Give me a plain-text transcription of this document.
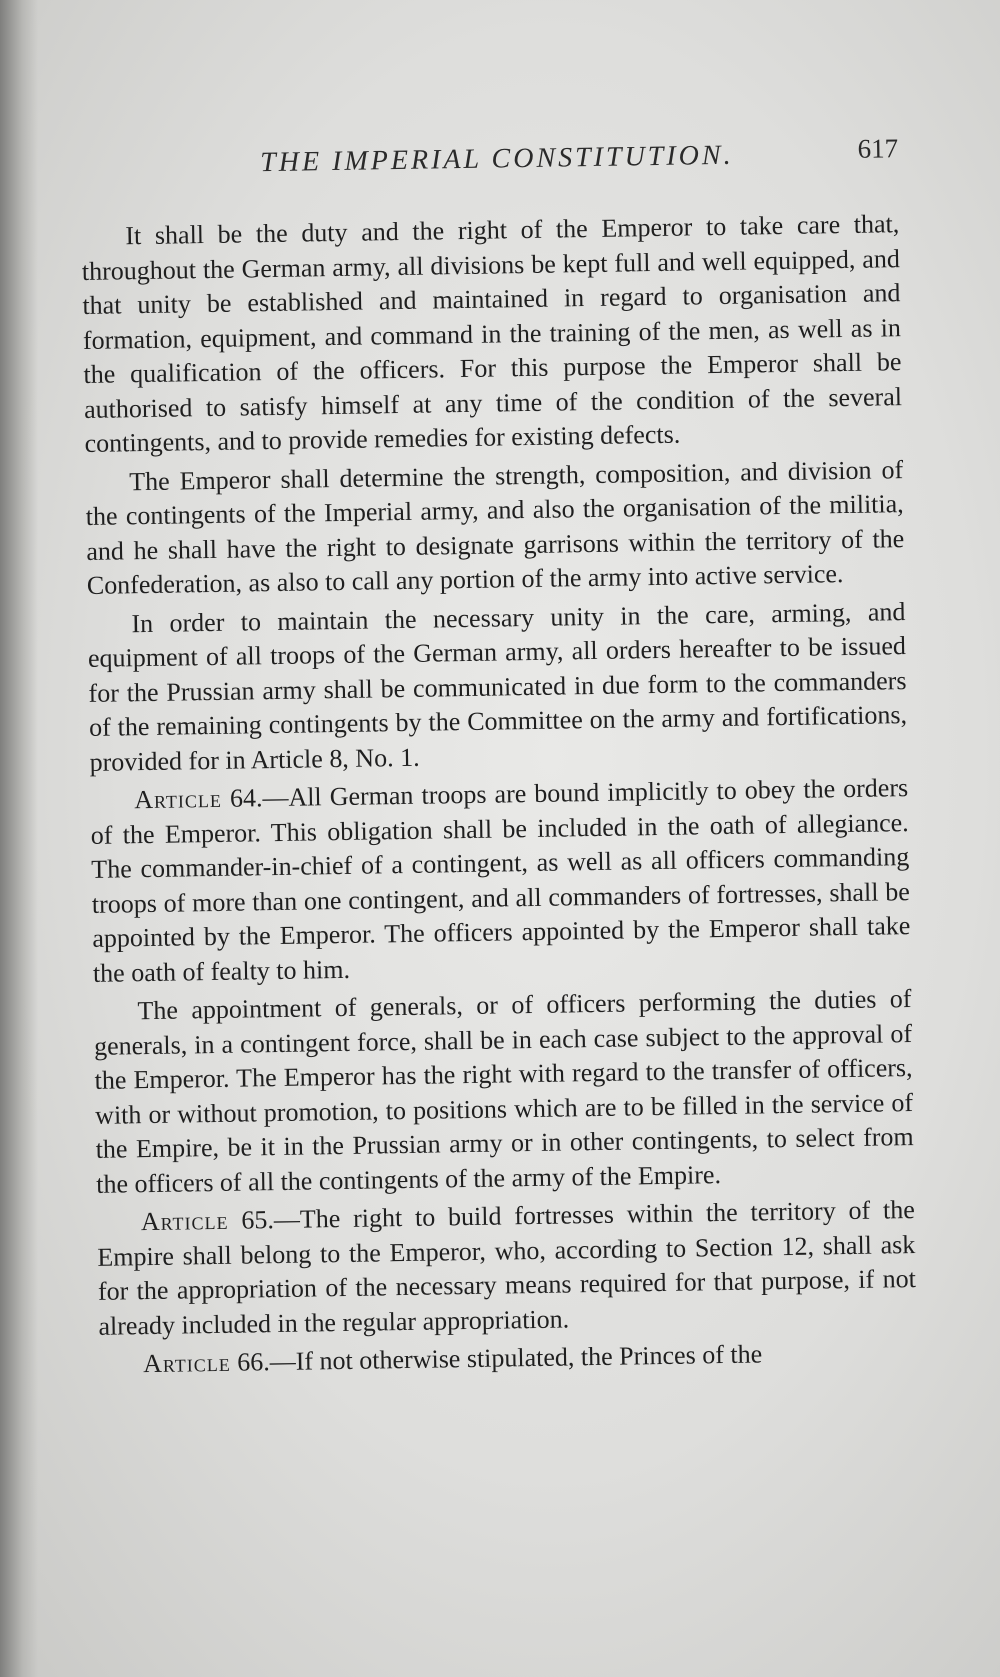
THE IMPERIAL CONSTITUTION.	617

It shall be the duty and the right of the Emperor to take care that, throughout the German army, all divisions be kept full and well equipped, and that unity be established and maintained in regard to organisation and formation, equipment, and command in the training of the men, as well as in the qualification of the officers. For this purpose the Emperor shall be authorised to satisfy himself at any time of the condition of the several contingents, and to provide remedies for existing defects.

The Emperor shall determine the strength, composition, and division of the contingents of the Imperial army, and also the organisation of the militia, and he shall have the right to designate garrisons within the territory of the Confederation, as also to call any portion of the army into active service.

In order to maintain the necessary unity in the care, arming, and equipment of all troops of the German army, all orders hereafter to be issued for the Prussian army shall be communicated in due form to the commanders of the remaining contingents by the Committee on the army and fortifications, provided for in Article 8, No. 1.

Article 64.—All German troops are bound implicitly to obey the orders of the Emperor. This obligation shall be included in the oath of allegiance. The commander-in-chief of a contingent, as well as all officers commanding troops of more than one contingent, and all commanders of fortresses, shall be appointed by the Emperor. The officers appointed by the Emperor shall take the oath of fealty to him.

The appointment of generals, or of officers performing the duties of generals, in a contingent force, shall be in each case subject to the approval of the Emperor. The Emperor has the right with regard to the transfer of officers, with or without promotion, to positions which are to be filled in the service of the Empire, be it in the Prussian army or in other contingents, to select from the officers of all the contingents of the army of the Empire.

Article 65.—The right to build fortresses within the territory of the Empire shall belong to the Emperor, who, according to Section 12, shall ask for the appropriation of the necessary means required for that purpose, if not already included in the regular appropriation.

Article 66.—If not otherwise stipulated, the Princes of the
